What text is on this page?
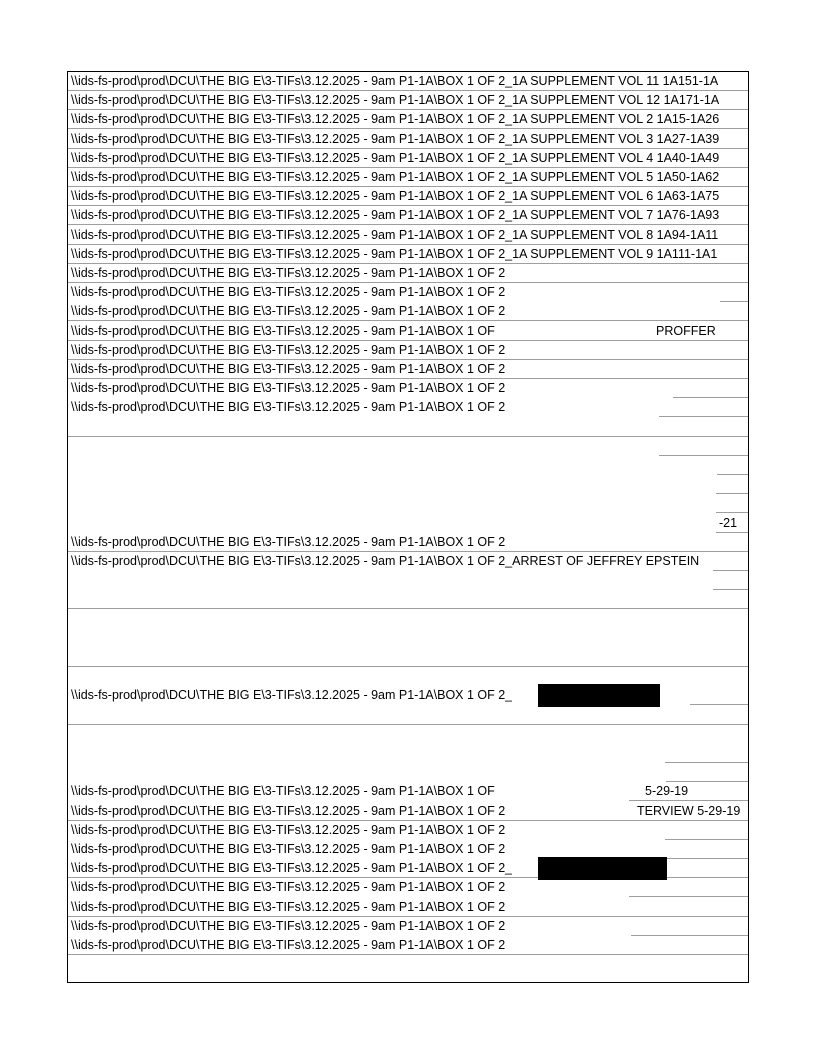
\\ids-fs-prod\prod\DCU\THE BIG E\3-TIFs\3.12.2025 - 9am P1-1A\BOX 1 OF 2_1A SUPPLEMENT VOL 11 1A151-1A
\\ids-fs-prod\prod\DCU\THE BIG E\3-TIFs\3.12.2025 - 9am P1-1A\BOX 1 OF 2_1A SUPPLEMENT VOL 12 1A171-1A
\\ids-fs-prod\prod\DCU\THE BIG E\3-TIFs\3.12.2025 - 9am P1-1A\BOX 1 OF 2_1A SUPPLEMENT VOL 2 1A15-1A26
\\ids-fs-prod\prod\DCU\THE BIG E\3-TIFs\3.12.2025 - 9am P1-1A\BOX 1 OF 2_1A SUPPLEMENT VOL 3 1A27-1A39
\\ids-fs-prod\prod\DCU\THE BIG E\3-TIFs\3.12.2025 - 9am P1-1A\BOX 1 OF 2_1A SUPPLEMENT VOL 4 1A40-1A49
\\ids-fs-prod\prod\DCU\THE BIG E\3-TIFs\3.12.2025 - 9am P1-1A\BOX 1 OF 2_1A SUPPLEMENT VOL 5 1A50-1A62
\\ids-fs-prod\prod\DCU\THE BIG E\3-TIFs\3.12.2025 - 9am P1-1A\BOX 1 OF 2_1A SUPPLEMENT VOL 6 1A63-1A75
\\ids-fs-prod\prod\DCU\THE BIG E\3-TIFs\3.12.2025 - 9am P1-1A\BOX 1 OF 2_1A SUPPLEMENT VOL 7 1A76-1A93
\\ids-fs-prod\prod\DCU\THE BIG E\3-TIFs\3.12.2025 - 9am P1-1A\BOX 1 OF 2_1A SUPPLEMENT VOL 8 1A94-1A11
\\ids-fs-prod\prod\DCU\THE BIG E\3-TIFs\3.12.2025 - 9am P1-1A\BOX 1 OF 2_1A SUPPLEMENT VOL 9 1A111-1A1
\\ids-fs-prod\prod\DCU\THE BIG E\3-TIFs\3.12.2025 - 9am P1-1A\BOX 1 OF 2
\\ids-fs-prod\prod\DCU\THE BIG E\3-TIFs\3.12.2025 - 9am P1-1A\BOX 1 OF 2
\\ids-fs-prod\prod\DCU\THE BIG E\3-TIFs\3.12.2025 - 9am P1-1A\BOX 1 OF 2
\\ids-fs-prod\prod\DCU\THE BIG E\3-TIFs\3.12.2025 - 9am P1-1A\BOX 1 OF	PROFFER
\\ids-fs-prod\prod\DCU\THE BIG E\3-TIFs\3.12.2025 - 9am P1-1A\BOX 1 OF 2
\\ids-fs-prod\prod\DCU\THE BIG E\3-TIFs\3.12.2025 - 9am P1-1A\BOX 1 OF 2
\\ids-fs-prod\prod\DCU\THE BIG E\3-TIFs\3.12.2025 - 9am P1-1A\BOX 1 OF 2
\\ids-fs-prod\prod\DCU\THE BIG E\3-TIFs\3.12.2025 - 9am P1-1A\BOX 1 OF 2
-21
\\ids-fs-prod\prod\DCU\THE BIG E\3-TIFs\3.12.2025 - 9am P1-1A\BOX 1 OF 2
\\ids-fs-prod\prod\DCU\THE BIG E\3-TIFs\3.12.2025 - 9am P1-1A\BOX 1 OF 2_ARREST OF JEFFREY EPSTEIN
\\ids-fs-prod\prod\DCU\THE BIG E\3-TIFs\3.12.2025 - 9am P1-1A\BOX 1 OF 2_
\\ids-fs-prod\prod\DCU\THE BIG E\3-TIFs\3.12.2025 - 9am P1-1A\BOX 1 OF	5-29-19
\\ids-fs-prod\prod\DCU\THE BIG E\3-TIFs\3.12.2025 - 9am P1-1A\BOX 1 OF 2	TERVIEW 5-29-19
\\ids-fs-prod\prod\DCU\THE BIG E\3-TIFs\3.12.2025 - 9am P1-1A\BOX 1 OF 2
\\ids-fs-prod\prod\DCU\THE BIG E\3-TIFs\3.12.2025 - 9am P1-1A\BOX 1 OF 2
\\ids-fs-prod\prod\DCU\THE BIG E\3-TIFs\3.12.2025 - 9am P1-1A\BOX 1 OF 2_
\\ids-fs-prod\prod\DCU\THE BIG E\3-TIFs\3.12.2025 - 9am P1-1A\BOX 1 OF 2
\\ids-fs-prod\prod\DCU\THE BIG E\3-TIFs\3.12.2025 - 9am P1-1A\BOX 1 OF 2
\\ids-fs-prod\prod\DCU\THE BIG E\3-TIFs\3.12.2025 - 9am P1-1A\BOX 1 OF 2
\\ids-fs-prod\prod\DCU\THE BIG E\3-TIFs\3.12.2025 - 9am P1-1A\BOX 1 OF 2
